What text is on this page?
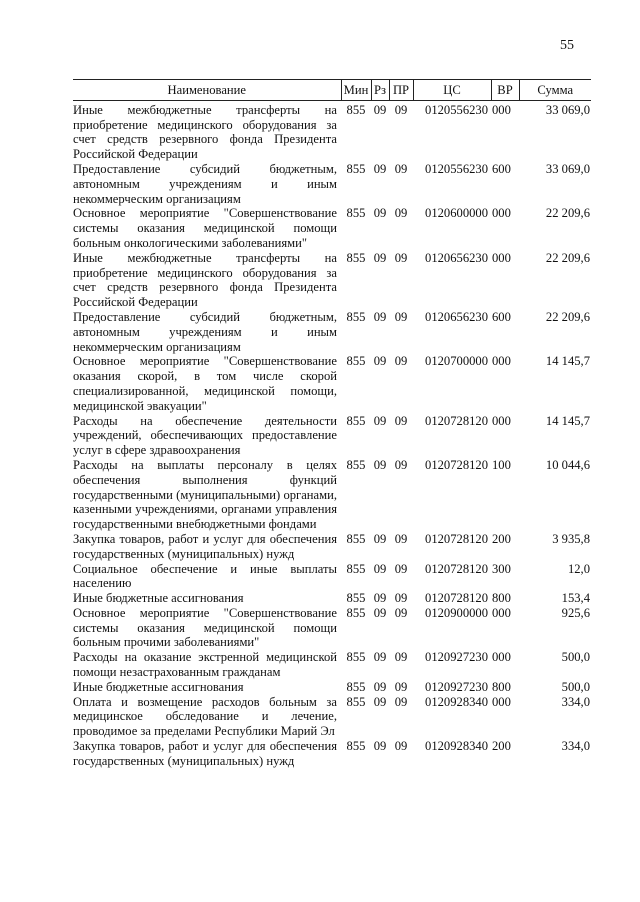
55
Наименование	Мин	Рз	ПР	ЦС	ВР	Сумма
Иные межбюджетные трансферты на приобретение медицинского оборудования за счет средств резервного фонда Президента Российской Федерации	855	09	09	0120556230	000	33 069,0
Предоставление субсидий бюджетным, автономным учреждениям и иным некоммерческим организациям	855	09	09	0120556230	600	33 069,0
Основное мероприятие "Совершенствование системы оказания медицинской помощи больным онкологическими заболеваниями"	855	09	09	0120600000	000	22 209,6
Иные межбюджетные трансферты на приобретение медицинского оборудования за счет средств резервного фонда Президента Российской Федерации	855	09	09	0120656230	000	22 209,6
Предоставление субсидий бюджетным, автономным учреждениям и иным некоммерческим организациям	855	09	09	0120656230	600	22 209,6
Основное мероприятие "Совершенствование оказания скорой, в том числе скорой специализированной, медицинской помощи, медицинской эвакуации"	855	09	09	0120700000	000	14 145,7
Расходы на обеспечение деятельности учреждений, обеспечивающих предоставление услуг в сфере здравоохранения	855	09	09	0120728120	000	14 145,7
Расходы на выплаты персоналу в целях обеспечения выполнения функций государственными (муниципальными) органами, казенными учреждениями, органами управления государственными внебюджетными фондами	855	09	09	0120728120	100	10 044,6
Закупка товаров, работ и услуг для обеспечения государственных (муниципальных) нужд	855	09	09	0120728120	200	3 935,8
Социальное обеспечение и иные выплаты населению	855	09	09	0120728120	300	12,0
Иные бюджетные ассигнования	855	09	09	0120728120	800	153,4
Основное мероприятие "Совершенствование системы оказания медицинской помощи больным прочими заболеваниями"	855	09	09	0120900000	000	925,6
Расходы на оказание экстренной медицинской помощи незастрахованным гражданам	855	09	09	0120927230	000	500,0
Иные бюджетные ассигнования	855	09	09	0120927230	800	500,0
Оплата и возмещение расходов больным за медицинское обследование и лечение, проводимое за пределами Республики Марий Эл	855	09	09	0120928340	000	334,0
Закупка товаров, работ и услуг для обеспечения государственных (муниципальных) нужд	855	09	09	0120928340	200	334,0
